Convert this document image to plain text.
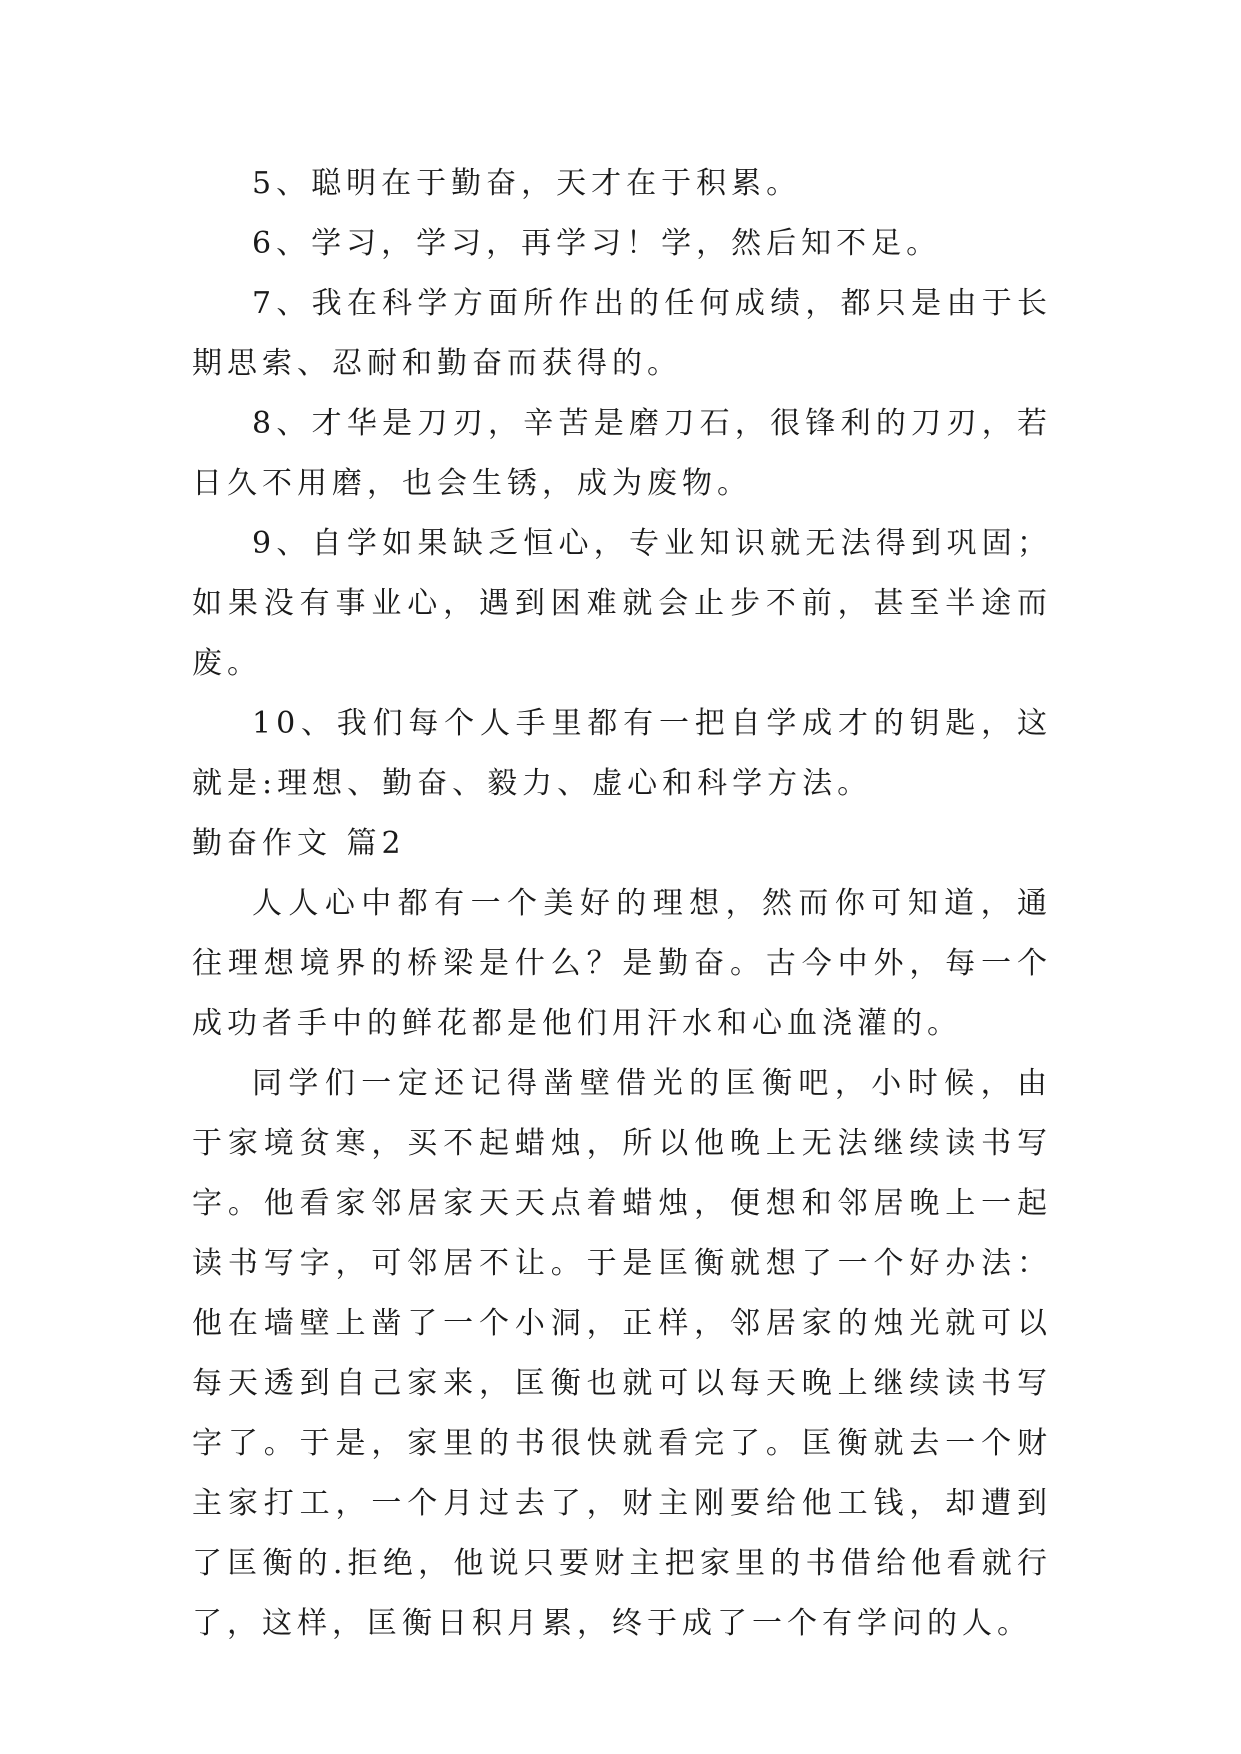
5、聪明在于勤奋，天才在于积累。

6、学习，学习，再学习！学，然后知不足。

7、我在科学方面所作出的任何成绩，都只是由于长期思索、忍耐和勤奋而获得的。

8、才华是刀刃，辛苦是磨刀石，很锋利的刀刃，若日久不用磨，也会生锈，成为废物。

9、自学如果缺乏恒心，专业知识就无法得到巩固；如果没有事业心，遇到困难就会止步不前，甚至半途而废。

10、我们每个人手里都有一把自学成才的钥匙，这就是:理想、勤奋、毅力、虚心和科学方法。

勤奋作文 篇2

人人心中都有一个美好的理想，然而你可知道，通往理想境界的桥梁是什么？是勤奋。古今中外，每一个成功者手中的鲜花都是他们用汗水和心血浇灌的。

同学们一定还记得凿壁借光的匡衡吧，小时候，由于家境贫寒，买不起蜡烛，所以他晚上无法继续读书写字。他看家邻居家天天点着蜡烛，便想和邻居晚上一起读书写字，可邻居不让。于是匡衡就想了一个好办法：他在墙壁上凿了一个小洞，正样，邻居家的烛光就可以每天透到自己家来，匡衡也就可以每天晚上继续读书写字了。于是，家里的书很快就看完了。匡衡就去一个财主家打工，一个月过去了，财主刚要给他工钱，却遭到了匡衡的.拒绝，他说只要财主把家里的书借给他看就行了，这样，匡衡日积月累，终于成了一个有学问的人。
